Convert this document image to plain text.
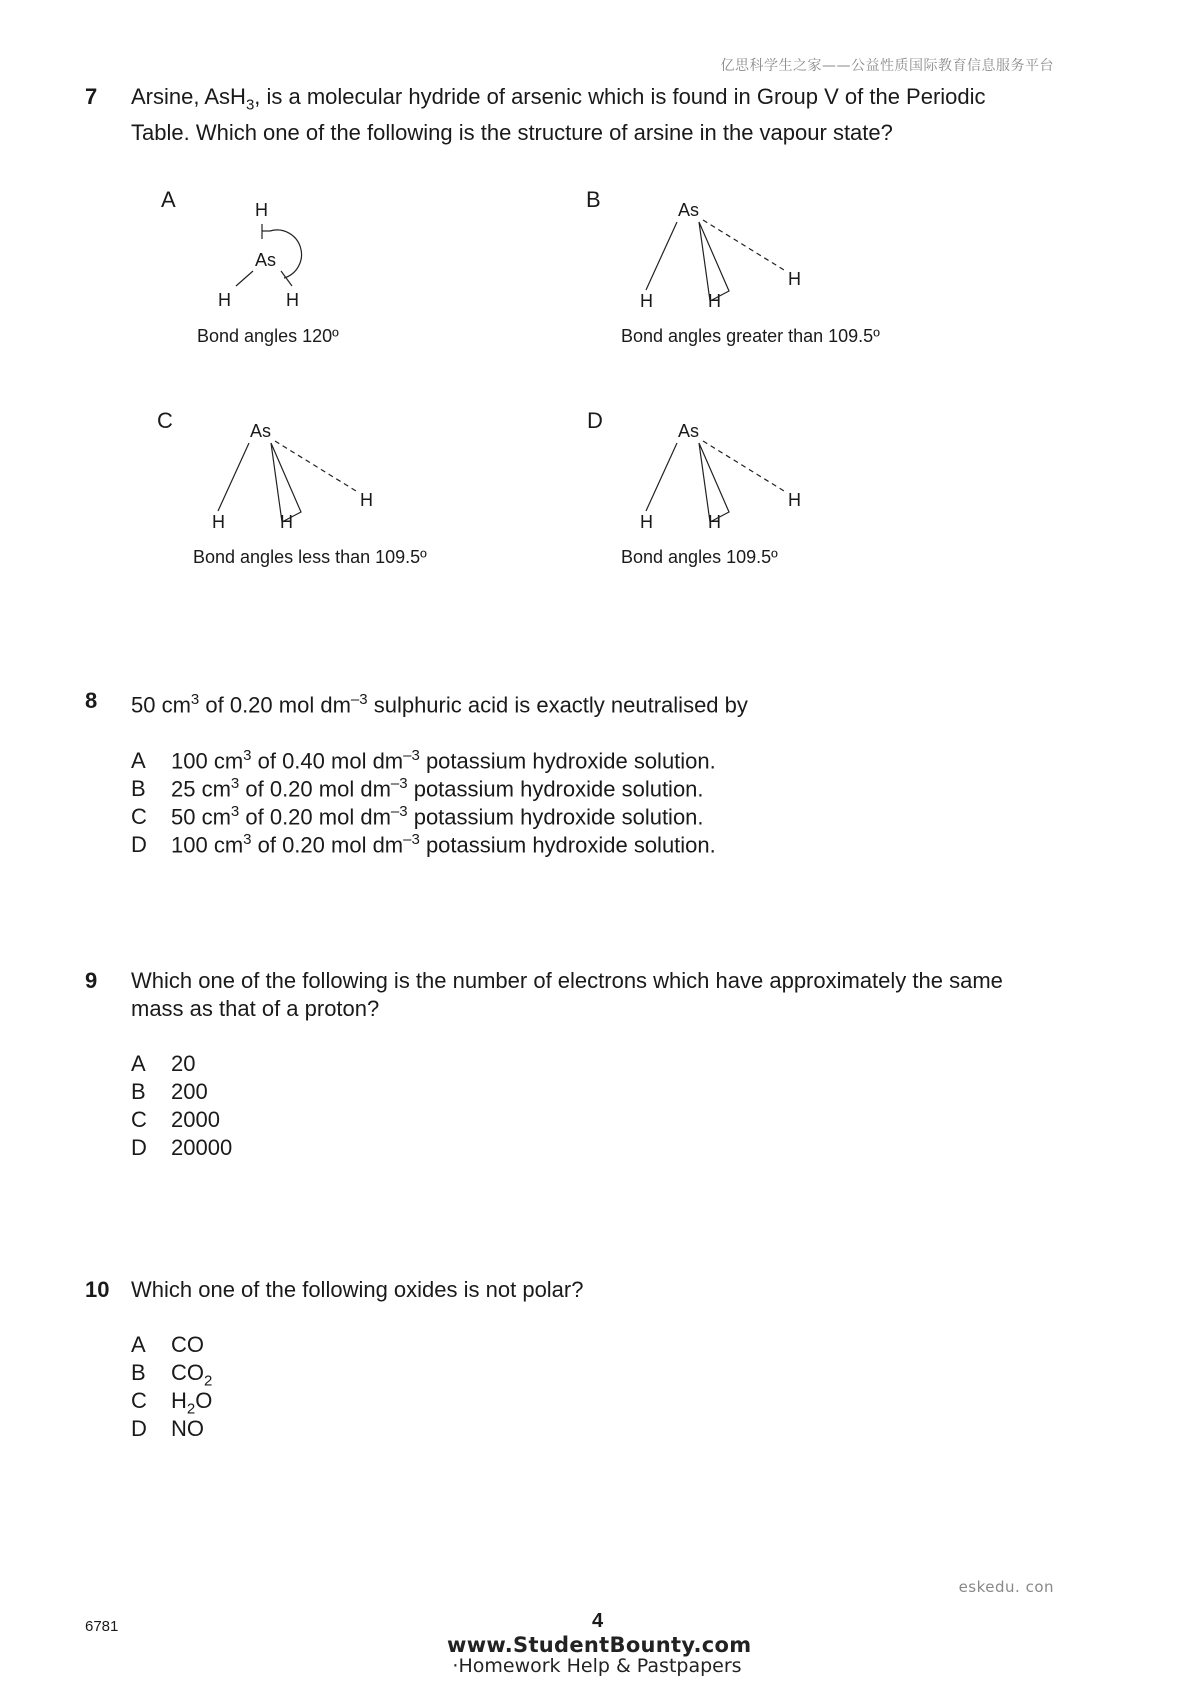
亿思科学生之家——公益性质国际教育信息服务平台
7 Arsine, AsH$_3$, is a molecular hydride of arsenic which is found in Group V of the Periodic
Table. Which one of the following is the structure of arsine in the vapour state?
A	H
As
H	H
Bond angles 120º
B	As
H	H
H
Bond angles greater than 109.5º
C	As
H	H
H
Bond angles less than 109.5º
D	As
H	H
H
Bond angles 109.5º
8 50 $cm^3$ of 0.20 mol $dm^{-3}$ sulphuric acid is exactly neutralised by
A 100 $cm^3$ of 0.40 mol $dm^{-3}$ potassium hydroxide solution.
B 25 $cm^3$ of 0.20 mol $dm^{-3}$ potassium hydroxide solution.
C 50 $cm^3$ of 0.20 mol $dm^{-3}$ potassium hydroxide solution.
D 100 $cm^3$ of 0.20 mol $dm^{-3}$ potassium hydroxide solution.
9 Which one of the following is the number of electrons which have approximately the same
mass as that of a proton?
A 20
B 200
C 2000
D 20000
10 Which one of the following oxides is not polar?
A CO
B $CO_2$
C $H_2O$
D NO
eskedu. con
6781	4
www.StudentBounty.com
·Homework Help & Pastpapers
